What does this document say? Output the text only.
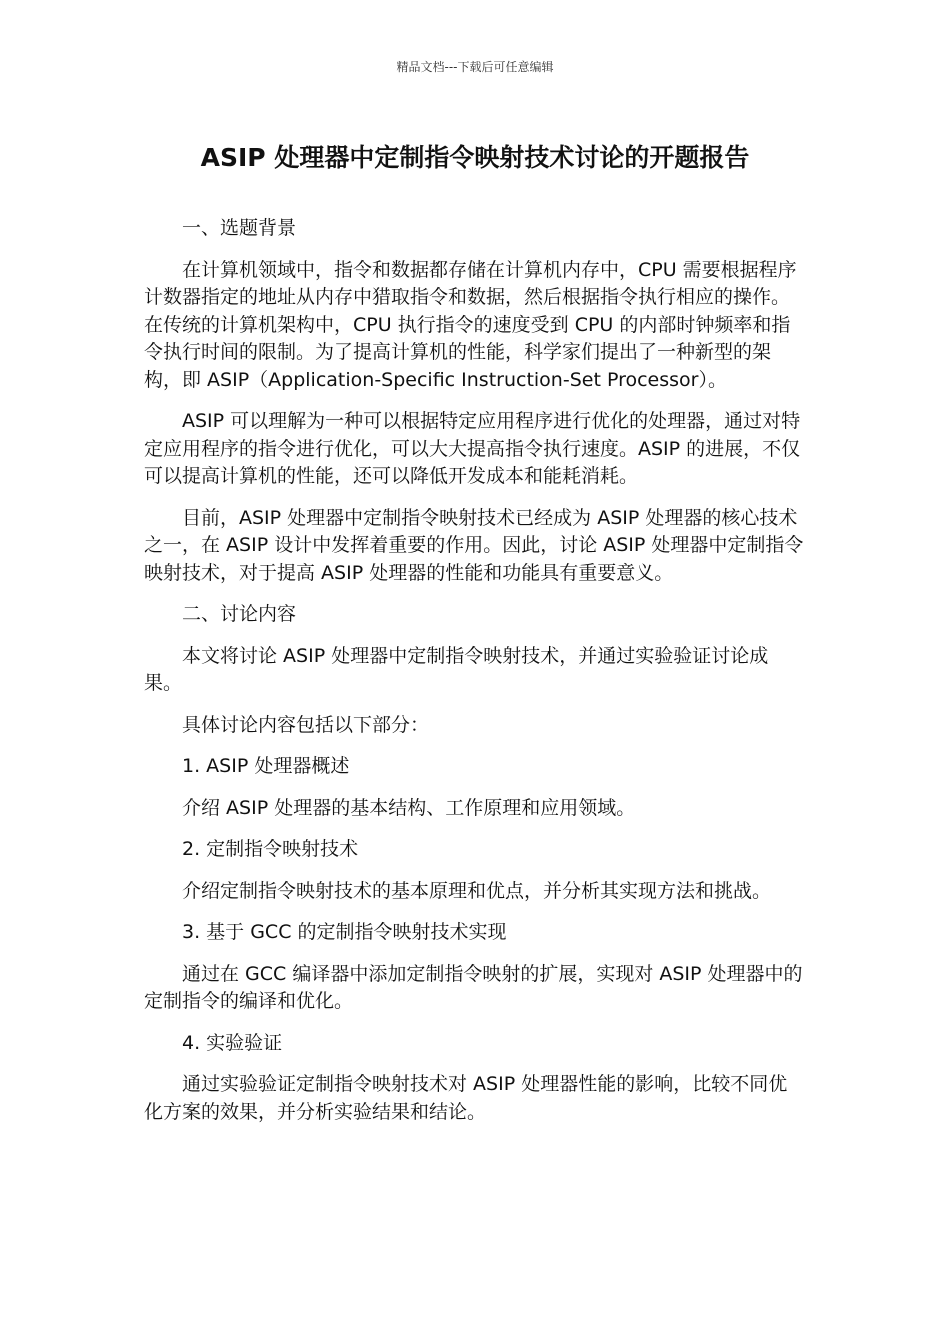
精品文档---下载后可任意编辑
ASIP 处理器中定制指令映射技术讨论的开题报告

一、选题背景

在计算机领域中，指令和数据都存储在计算机内存中，CPU 需要根据程序计数器指定的地址从内存中猎取指令和数据，然后根据指令执行相应的操作。在传统的计算机架构中，CPU 执行指令的速度受到 CPU 的内部时钟频率和指令执行时间的限制。为了提高计算机的性能，科学家们提出了一种新型的架构，即 ASIP（Application-Specific Instruction-Set Processor）。

ASIP 可以理解为一种可以根据特定应用程序进行优化的处理器，通过对特定应用程序的指令进行优化，可以大大提高指令执行速度。ASIP 的进展，不仅可以提高计算机的性能，还可以降低开发成本和能耗消耗。

目前，ASIP 处理器中定制指令映射技术已经成为 ASIP 处理器的核心技术之一，在 ASIP 设计中发挥着重要的作用。因此，讨论 ASIP 处理器中定制指令映射技术，对于提高 ASIP 处理器的性能和功能具有重要意义。

二、讨论内容

本文将讨论 ASIP 处理器中定制指令映射技术，并通过实验验证讨论成果。

具体讨论内容包括以下部分：

1. ASIP 处理器概述

介绍 ASIP 处理器的基本结构、工作原理和应用领域。

2. 定制指令映射技术

介绍定制指令映射技术的基本原理和优点，并分析其实现方法和挑战。

3. 基于 GCC 的定制指令映射技术实现

通过在 GCC 编译器中添加定制指令映射的扩展，实现对 ASIP 处理器中的定制指令的编译和优化。

4. 实验验证

通过实验验证定制指令映射技术对 ASIP 处理器性能的影响，比较不同优化方案的效果，并分析实验结果和结论。
